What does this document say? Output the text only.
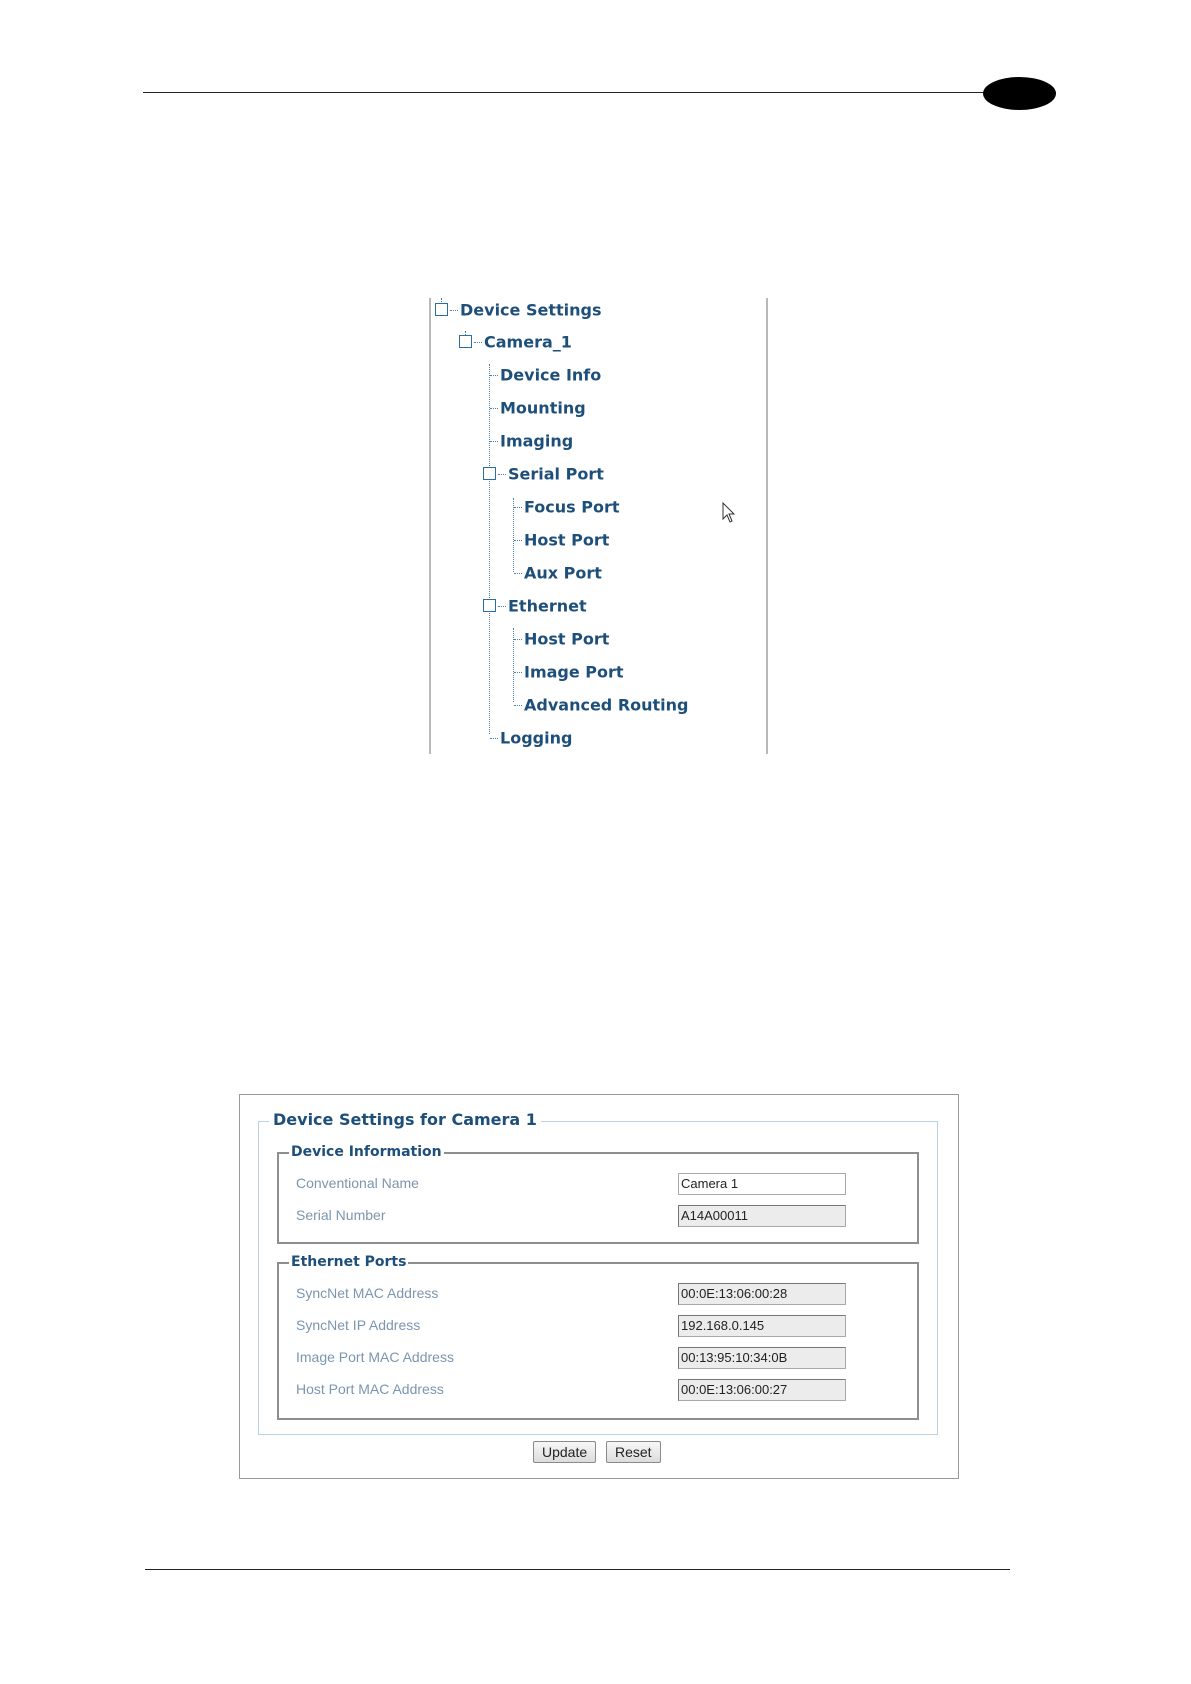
Device Settings
Camera_1
Device Info
Mounting
Imaging
Serial Port
Focus Port
Host Port
Aux Port
Ethernet
Host Port
Image Port
Advanced Routing
Logging
Device Settings for Camera 1
Device Information
Conventional Name	Camera 1
Serial Number	A14A00011
Ethernet Ports
SyncNet MAC Address	00:0E:13:06:00:28
SyncNet IP Address	192.168.0.145
Image Port MAC Address	00:13:95:10:34:0B
Host Port MAC Address	00:0E:13:06:00:27
Update	Reset
